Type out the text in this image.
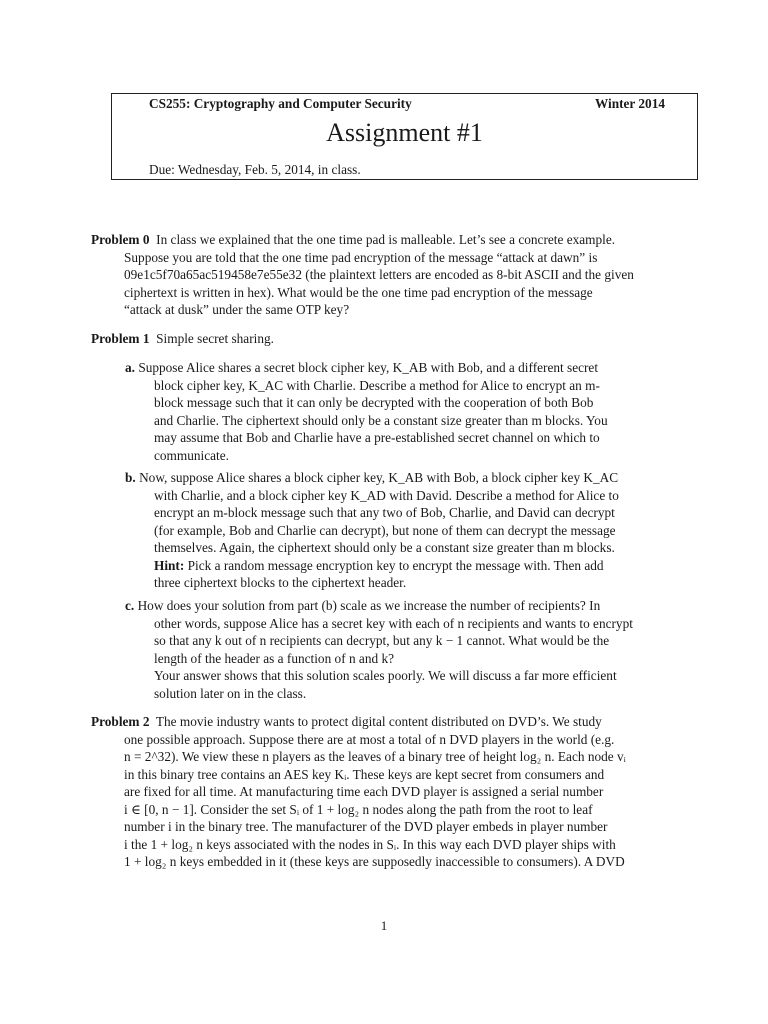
CS255: Cryptography and Computer Security	Winter 2014
Assignment #1
Due: Wednesday, Feb. 5, 2014, in class.
Problem 0 In class we explained that the one time pad is malleable. Let’s see a concrete example.
Suppose you are told that the one time pad encryption of the message “attack at dawn” is
09e1c5f70a65ac519458e7e55e32 (the plaintext letters are encoded as 8-bit ASCII and the given
ciphertext is written in hex). What would be the one time pad encryption of the message
“attack at dusk” under the same OTP key?
Problem 1 Simple secret sharing.
a. Suppose Alice shares a secret block cipher key, K_AB with Bob, and a different secret
block cipher key, K_AC with Charlie. Describe a method for Alice to encrypt an m-
block message such that it can only be decrypted with the cooperation of both Bob
and Charlie. The ciphertext should only be a constant size greater than m blocks. You
may assume that Bob and Charlie have a pre-established secret channel on which to
communicate.
b. Now, suppose Alice shares a block cipher key, K_AB with Bob, a block cipher key K_AC
with Charlie, and a block cipher key K_AD with David. Describe a method for Alice to
encrypt an m-block message such that any two of Bob, Charlie, and David can decrypt
(for example, Bob and Charlie can decrypt), but none of them can decrypt the message
themselves. Again, the ciphertext should only be a constant size greater than m blocks.
Hint: Pick a random message encryption key to encrypt the message with. Then add
three ciphertext blocks to the ciphertext header.
c. How does your solution from part (b) scale as we increase the number of recipients? In
other words, suppose Alice has a secret key with each of n recipients and wants to encrypt
so that any k out of n recipients can decrypt, but any k − 1 cannot. What would be the
length of the header as a function of n and k?
Your answer shows that this solution scales poorly. We will discuss a far more efficient
solution later on in the class.
Problem 2 The movie industry wants to protect digital content distributed on DVD’s. We study
one possible approach. Suppose there are at most a total of n DVD players in the world (e.g.
n = 2^32). We view these n players as the leaves of a binary tree of height log₂ n. Each node vᵢ
in this binary tree contains an AES key Kᵢ. These keys are kept secret from consumers and
are fixed for all time. At manufacturing time each DVD player is assigned a serial number
i ∈ [0, n − 1]. Consider the set Sᵢ of 1 + log₂ n nodes along the path from the root to leaf
number i in the binary tree. The manufacturer of the DVD player embeds in player number
i the 1 + log₂ n keys associated with the nodes in Sᵢ. In this way each DVD player ships with
1 + log₂ n keys embedded in it (these keys are supposedly inaccessible to consumers). A DVD
1
